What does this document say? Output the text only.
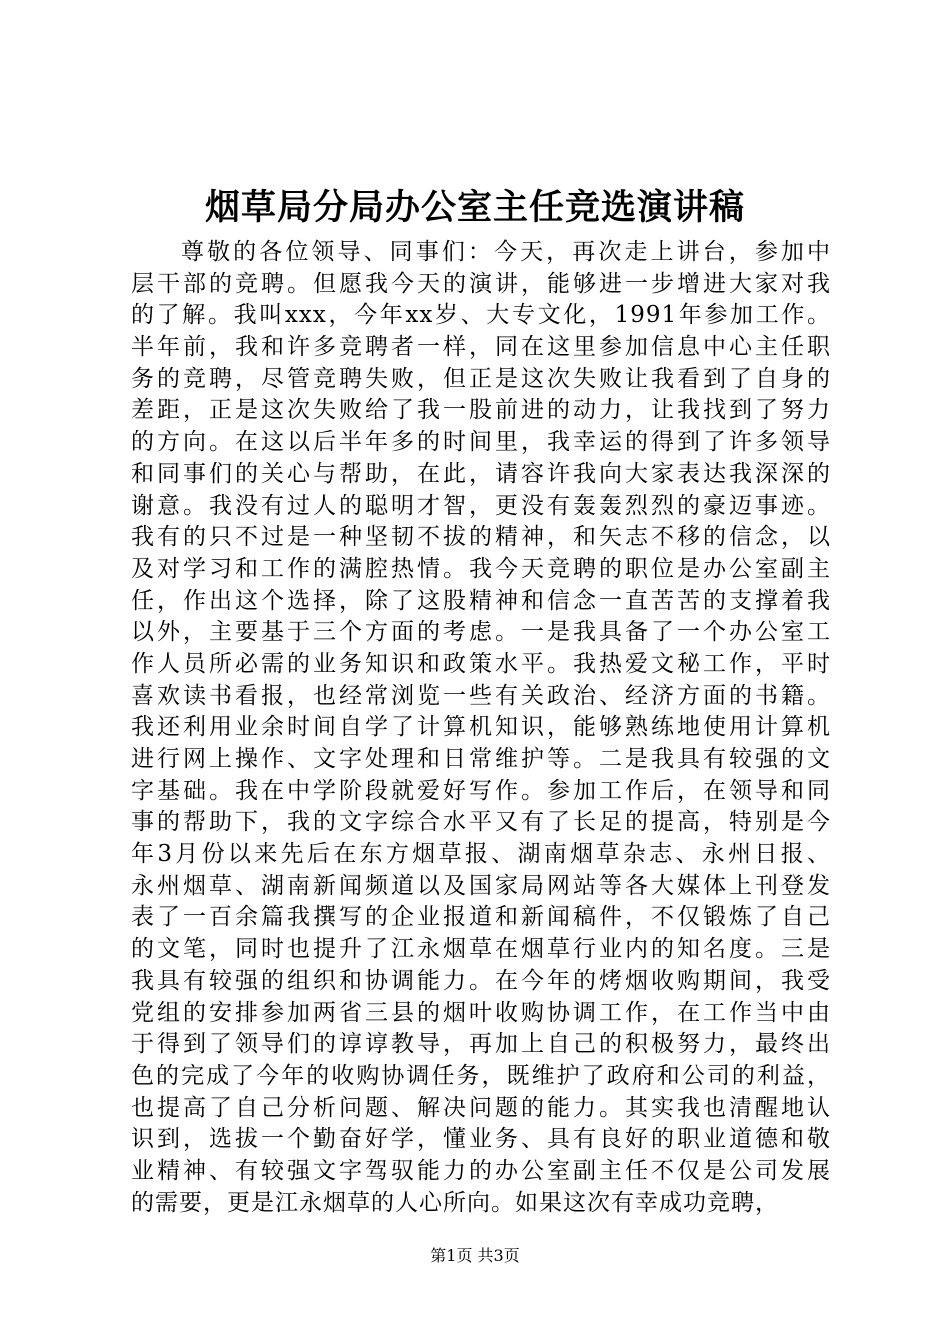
烟草局分局办公室主任竞选演讲稿
尊敬的各位领导、同事们：今天，再次走上讲台，参加中
层干部的竞聘。但愿我今天的演讲，能够进一步增进大家对我
的了解。我叫xxx，今年xx岁、大专文化，1991年参加工作。
半年前，我和许多竞聘者一样，同在这里参加信息中心主任职
务的竞聘，尽管竞聘失败，但正是这次失败让我看到了自身的
差距，正是这次失败给了我一股前进的动力，让我找到了努力
的方向。在这以后半年多的时间里，我幸运的得到了许多领导
和同事们的关心与帮助，在此，请容许我向大家表达我深深的
谢意。我没有过人的聪明才智，更没有轰轰烈烈的豪迈事迹。
我有的只不过是一种坚韧不拔的精神，和矢志不移的信念，以
及对学习和工作的满腔热情。我今天竞聘的职位是办公室副主
任，作出这个选择，除了这股精神和信念一直苦苦的支撑着我
以外，主要基于三个方面的考虑。一是我具备了一个办公室工
作人员所必需的业务知识和政策水平。我热爱文秘工作，平时
喜欢读书看报，也经常浏览一些有关政治、经济方面的书籍。
我还利用业余时间自学了计算机知识，能够熟练地使用计算机
进行网上操作、文字处理和日常维护等。二是我具有较强的文
字基础。我在中学阶段就爱好写作。参加工作后，在领导和同
事的帮助下，我的文字综合水平又有了长足的提高，特别是今
年3月份以来先后在东方烟草报、湖南烟草杂志、永州日报、
永州烟草、湖南新闻频道以及国家局网站等各大媒体上刊登发
表了一百余篇我撰写的企业报道和新闻稿件，不仅锻炼了自己
的文笔，同时也提升了江永烟草在烟草行业内的知名度。三是
我具有较强的组织和协调能力。在今年的烤烟收购期间，我受
党组的安排参加两省三县的烟叶收购协调工作，在工作当中由
于得到了领导们的谆谆教导，再加上自己的积极努力，最终出
色的完成了今年的收购协调任务，既维护了政府和公司的利益，
也提高了自己分析问题、解决问题的能力。其实我也清醒地认
识到，选拔一个勤奋好学，懂业务、具有良好的职业道德和敬
业精神、有较强文字驾驭能力的办公室副主任不仅是公司发展
的需要，更是江永烟草的人心所向。如果这次有幸成功竞聘，
第1页 共3页
